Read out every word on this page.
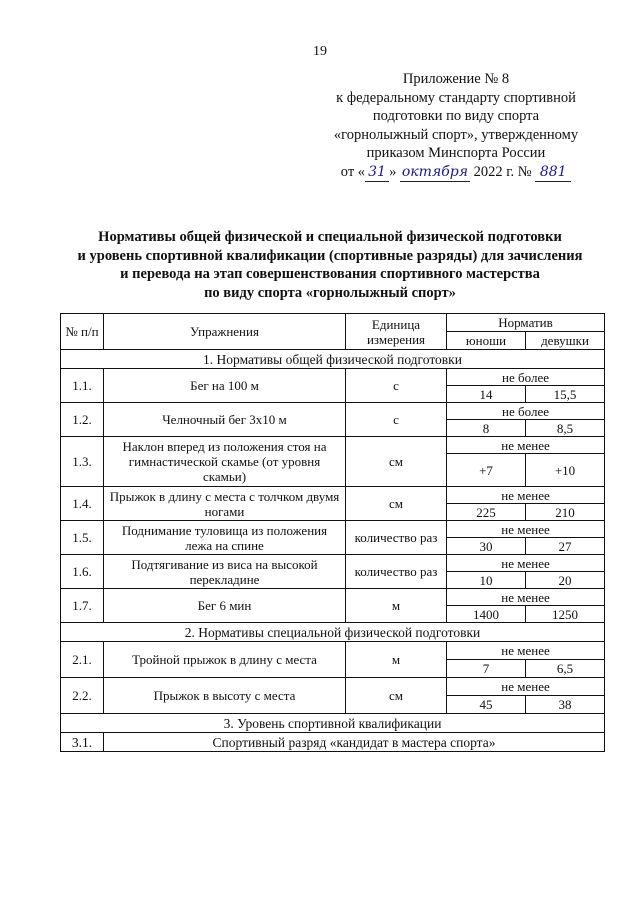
19
Приложение № 8
к федеральному стандарту спортивной
подготовки по виду спорта
«горнолыжный спорт», утвержденному
приказом Минспорта России
от « 31 » октября 2022 г. № 881
Нормативы общей физической и специальной физической подготовки
и уровень спортивной квалификации (спортивные разряды) для зачисления
и перевода на этап совершенствования спортивного мастерства
по виду спорта «горнолыжный спорт»
№ п/п	Упражнения	Единица измерения	Норматив	
			юноши	девушки
1. Нормативы общей физической подготовки				
1.1.	Бег на 100 м	с	не более	
			14	15,5
1.2.	Челночный бег 3x10 м	с	не более	
			8	8,5
1.3.	Наклон вперед из положения стоя на гимнастической скамье (от уровня скамьи)	см	не менее	
			+7	+10
1.4.	Прыжок в длину с места с толчком двумя ногами	см	не менее	
			225	210
1.5.	Поднимание туловища из положения лежа на спине	количество раз	не менее	
			30	27
1.6.	Подтягивание из виса на высокой перекладине	количество раз	не менее	
			10	20
1.7.	Бег 6 мин	м	не менее	
			1400	1250
2. Нормативы специальной физической подготовки				
2.1.	Тройной прыжок в длину с места	м	не менее	
			7	6,5
2.2.	Прыжок в высоту с места	см	не менее	
			45	38
3. Уровень спортивной квалификации				
3.1.	Спортивный разряд «кандидат в мастера спорта»			
